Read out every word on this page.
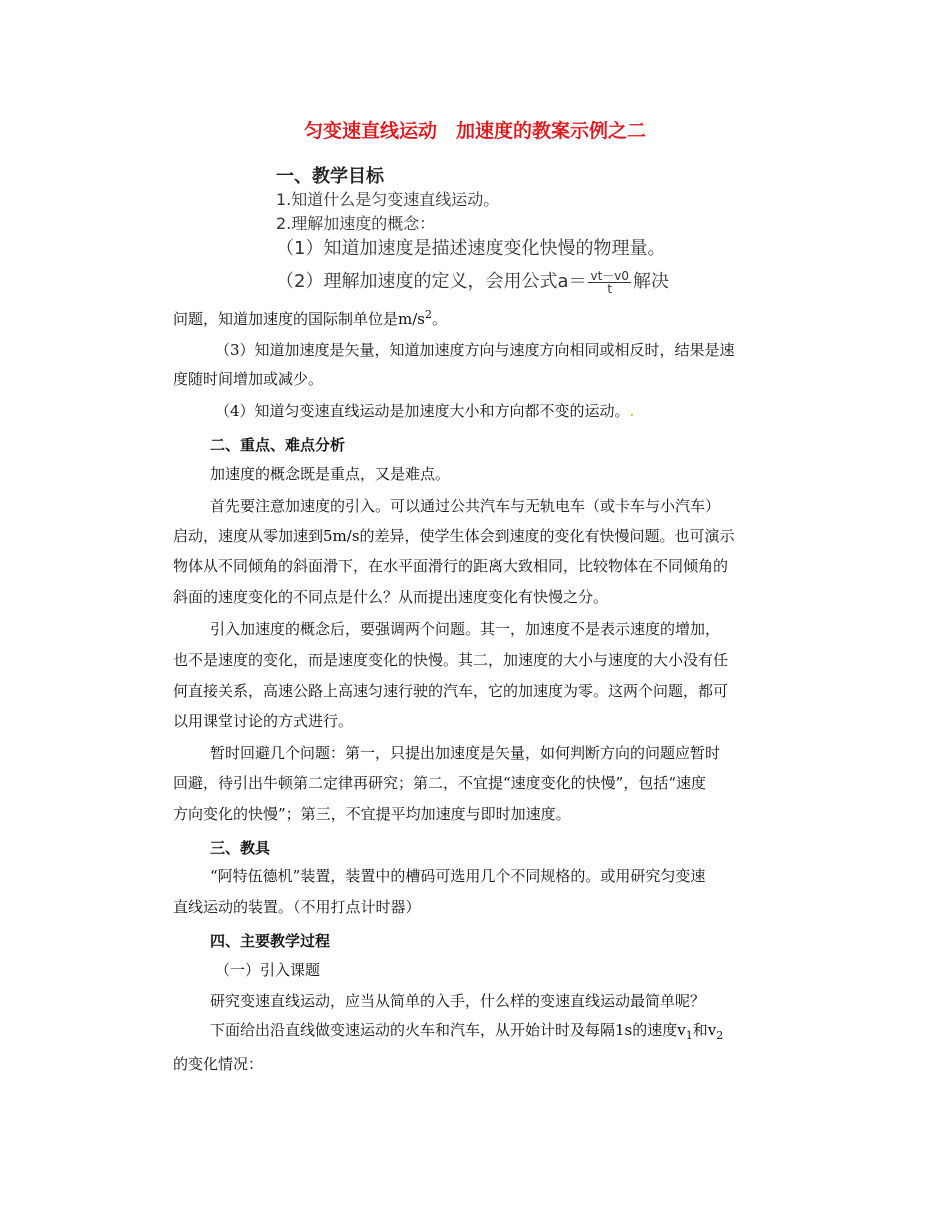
匀变速直线运动　加速度的教案示例之二
一、教学目标
1.知道什么是匀变速直线运动。
2.理解加速度的概念：
（1）知道加速度是描述速度变化快慢的物理量。
（2）理解加速度的定义，会用公式$a= \frac{vt-v0}{t}$ 解决
问题，知道加速度的国际制单位是$m/s^2$。
（3）知道加速度是矢量，知道加速度方向与速度方向相同或相反时，结果是速
度随时间增加或减少。
（4）知道匀变速直线运动是加速度大小和方向都不变的运动。.
二、重点、难点分析
加速度的概念既是重点，又是难点。
首先要注意加速度的引入。可以通过公共汽车与无轨电车（或卡车与小汽车）
启动，速度从零加速到5m/s的差异，使学生体会到速度的变化有快慢问题。也可演示
物体从不同倾角的斜面滑下，在水平面滑行的距离大致相同，比较物体在不同倾角的
斜面的速度变化的不同点是什么？从而提出速度变化有快慢之分。
引入加速度的概念后，要强调两个问题。其一，加速度不是表示速度的增加，
也不是速度的变化，而是速度变化的快慢。其二，加速度的大小与速度的大小没有任
何直接关系，高速公路上高速匀速行驶的汽车，它的加速度为零。这两个问题，都可
以用课堂讨论的方式进行。
暂时回避几个问题：第一，只提出加速度是矢量，如何判断方向的问题应暂时
回避，待引出牛顿第二定律再研究；第二，不宜提“速度变化的快慢”，包括“速度
方向变化的快慢”；第三，不宜提平均加速度与即时加速度。
三、教具
“阿特伍德机”装置，装置中的槽码可选用几个不同规格的。或用研究匀变速
直线运动的装置。（不用打点计时器）
四、主要教学过程
（一）引入课题
研究变速直线运动，应当从简单的入手，什么样的变速直线运动最简单呢？
下面给出沿直线做变速运动的火车和汽车，从开始计时及每隔1s的速度$v_1$和$v_2$
的变化情况：
